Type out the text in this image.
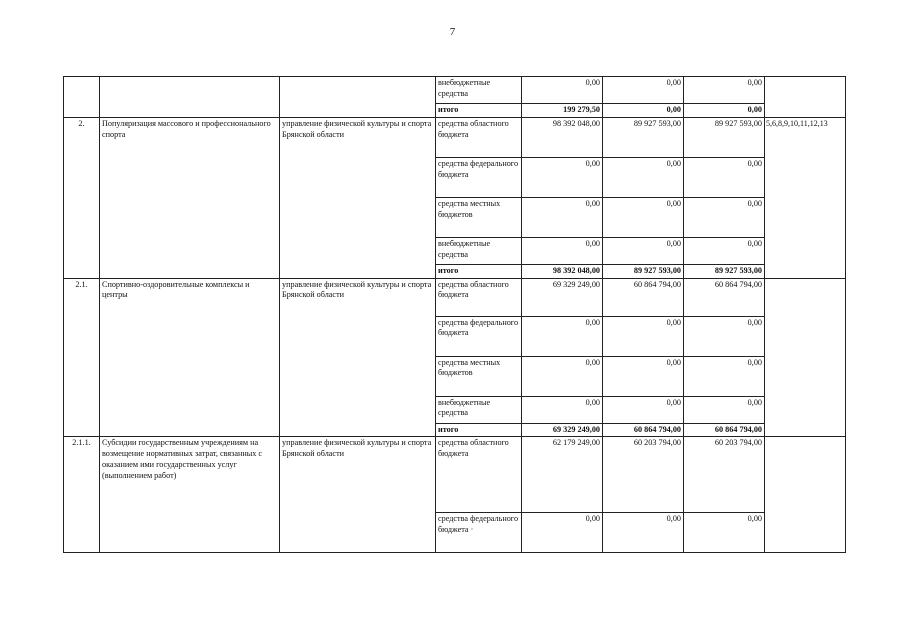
7
			внебюджетные средства	0,00	0,00	0,00	
			итого	199 279,50	0,00	0,00	
2.	Популяризация массового и профессионального спорта	управление физической культуры и спорта Брянской области	средства областного бюджета	98 392 048,00	89 927 593,00	89 927 593,00	5,6,8,9,10,11,12,13
			средства федерального бюджета	0,00	0,00	0,00	
			средства местных бюджетов	0,00	0,00	0,00	
			внебюджетные средства	0,00	0,00	0,00	
			итого	98 392 048,00	89 927 593,00	89 927 593,00	
2.1.	Спортивно-оздоровительные комплексы и центры	управление физической культуры и спорта Брянской области	средства областного бюджета	69 329 249,00	60 864 794,00	60 864 794,00	
			средства федерального бюджета	0,00	0,00	0,00	
			средства местных бюджетов	0,00	0,00	0,00	
			внебюджетные средства	0,00	0,00	0,00	
			итого	69 329 249,00	60 864 794,00	60 864 794,00	
2.1.1.	Субсидии государственным учреждениям на возмещение нормативных затрат, связанных с оказанием ими государственных услуг (выполнением работ)	управление физической культуры и спорта Брянской области	средства областного бюджета	62 179 249,00	60 203 794,00	60 203 794,00	
			средства федерального бюджета ·	0,00	0,00	0,00	
